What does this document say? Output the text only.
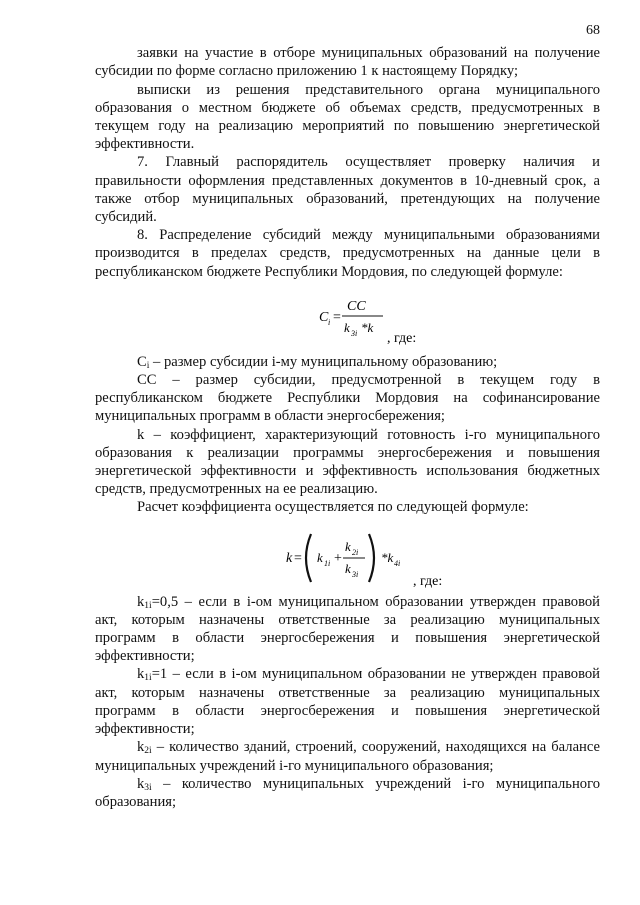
68

заявки на участие в отборе муниципальных образований на получение субсидии по форме согласно приложению 1 к настоящему Порядку;

выписки из решения представительного органа муниципального образования о местном бюджете об объемах средств, предусмотренных в текущем году на реализацию мероприятий по повышению энергетической эффективности.

7. Главный распорядитель осуществляет проверку наличия и правильности оформления представленных документов в 10-дневный срок, а также отбор муниципальных образований, претендующих на получение субсидий.

8. Распределение субсидий между муниципальными образованиями производится в пределах средств, предусмотренных на данные цели в республиканском бюджете Республики Мордовия, по следующей формуле:

C i =
CC
k 3i *k
, где:

$C_i$ – размер субсидии i-му муниципальному образованию;

СС – размер субсидии, предусмотренной в текущем году в республиканском бюджете Республики Мордовия на софинансирование муниципальных программ в области энергосбережения;

k – коэффициент, характеризующий готовность i-го муниципального образования к реализации программы энергосбережения и повышения энергетической эффективности и эффективность использования бюджетных средств, предусмотренных на ее реализацию.

Расчет коэффициента осуществляется по следующей формуле:

k = k 1i +
k 2i
k 3i
*k 4i
, где:

$k_{1i}=0,5$ – если в i-ом муниципальном образовании утвержден правовой акт, которым назначены ответственные за реализацию муниципальных программ в области энергосбережения и повышения энергетической эффективности;

$k_{1i}=1$ – если в i-ом муниципальном образовании не утвержден правовой акт, которым назначены ответственные за реализацию муниципальных программ в области энергосбережения и повышения энергетической эффективности;

$k_{2i}$ – количество зданий, строений, сооружений, находящихся на балансе муниципальных учреждений i-го муниципального образования;

$k_{3i}$ – количество муниципальных учреждений i-го муниципального образования;
